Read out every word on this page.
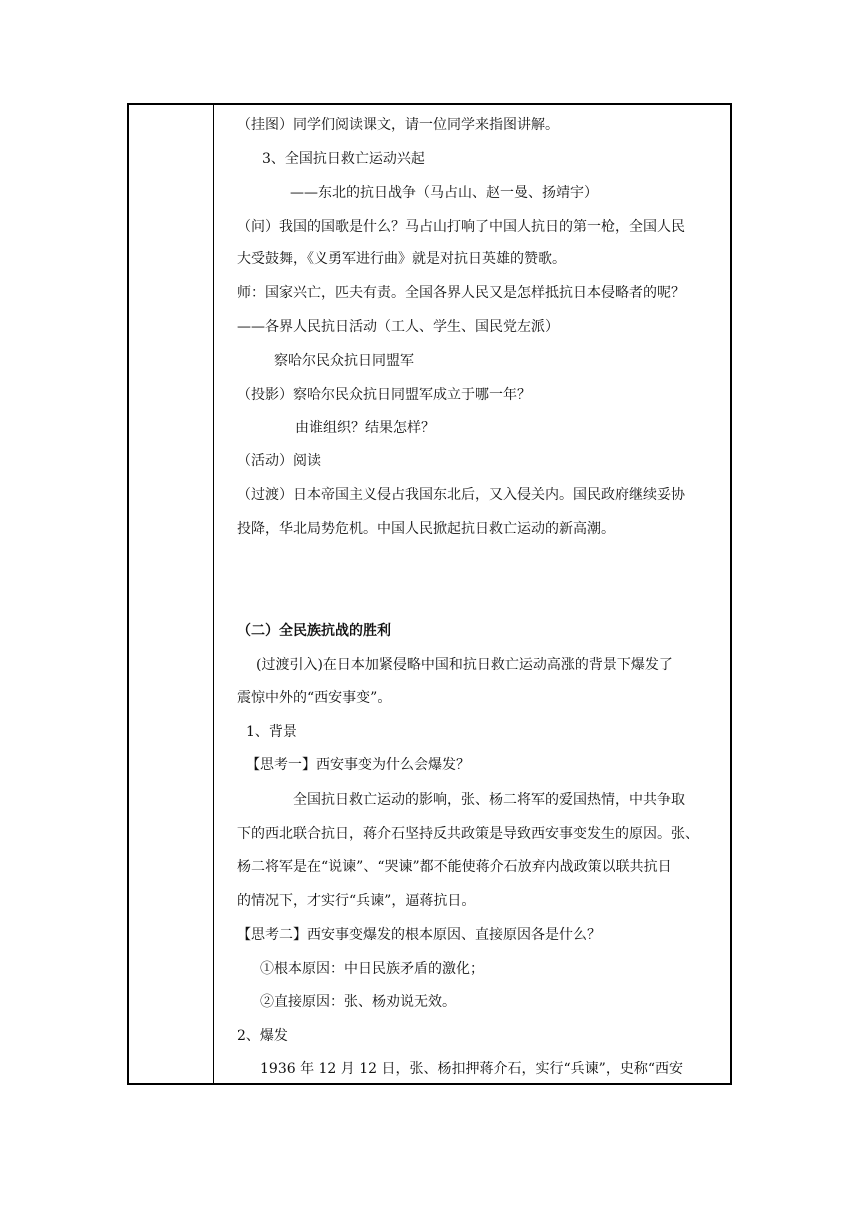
（挂图）同学们阅读课文，请一位同学来指图讲解。
3、全国抗日救亡运动兴起
——东北的抗日战争（马占山、赵一曼、扬靖宇）
（问）我国的国歌是什么？马占山打响了中国人抗日的第一枪，全国人民
大受鼓舞，《义勇军进行曲》就是对抗日英雄的赞歌。
师：国家兴亡，匹夫有责。全国各界人民又是怎样抵抗日本侵略者的呢？
——各界人民抗日活动（工人、学生、国民党左派）
察哈尔民众抗日同盟军
（投影）察哈尔民众抗日同盟军成立于哪一年？
由谁组织？结果怎样？
（活动）阅读
（过渡）日本帝国主义侵占我国东北后，又入侵关内。国民政府继续妥协
投降，华北局势危机。中国人民掀起抗日救亡运动的新高潮。
（二）全民族抗战的胜利
(过渡引入)在日本加紧侵略中国和抗日救亡运动高涨的背景下爆发了
震惊中外的“西安事变”。
1、背景
【思考一】西安事变为什么会爆发？
全国抗日救亡运动的影响，张、杨二将军的爱国热情，中共争取
下的西北联合抗日，蒋介石坚持反共政策是导致西安事变发生的原因。张、
杨二将军是在“说谏”、“哭谏”都不能使蒋介石放弃内战政策以联共抗日
的情况下，才实行“兵谏”，逼蒋抗日。
【思考二】西安事变爆发的根本原因、直接原因各是什么？
①根本原因：中日民族矛盾的激化；
②直接原因：张、杨劝说无效。
2、爆发
1936 年 12 月 12 日，张、杨扣押蒋介石，实行“兵谏”，史称“西安
